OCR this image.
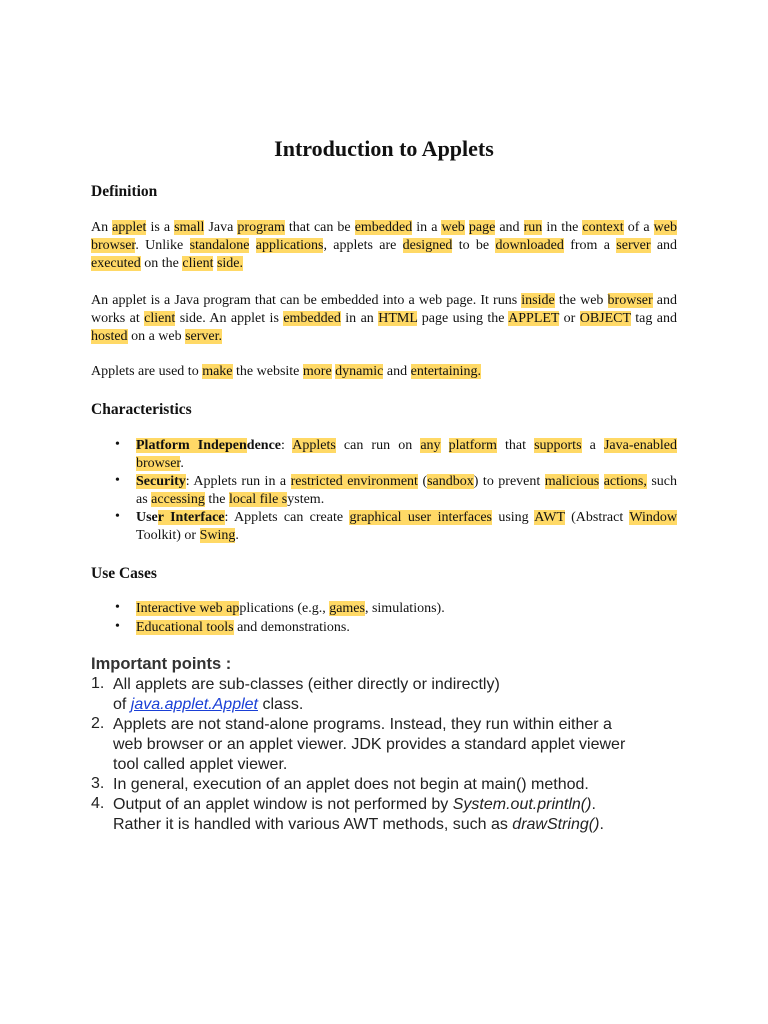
Introduction to Applets
Definition
An applet is a small Java program that can be embedded in a web page and run in the context of a web browser. Unlike standalone applications, applets are designed to be downloaded from a server and executed on the client side.
An applet is a Java program that can be embedded into a web page. It runs inside the web browser and works at client side. An applet is embedded in an HTML page using the APPLET or OBJECT tag and hosted on a web server.
Applets are used to make the website more dynamic and entertaining.
Characteristics
• Platform Independence: Applets can run on any platform that supports a Java-enabled browser.
• Security: Applets run in a restricted environment (sandbox) to prevent malicious actions, such as accessing the local file system.
• User Interface: Applets can create graphical user interfaces using AWT (Abstract Window Toolkit) or Swing.
Use Cases
• Interactive web applications (e.g., games, simulations).
• Educational tools and demonstrations.
Important points :
1. All applets are sub-classes (either directly or indirectly)
of java.applet.Applet class.
2. Applets are not stand-alone programs. Instead, they run within either a
web browser or an applet viewer. JDK provides a standard applet viewer
tool called applet viewer.
3. In general, execution of an applet does not begin at main() method.
4. Output of an applet window is not performed by System.out.println().
Rather it is handled with various AWT methods, such as drawString().
